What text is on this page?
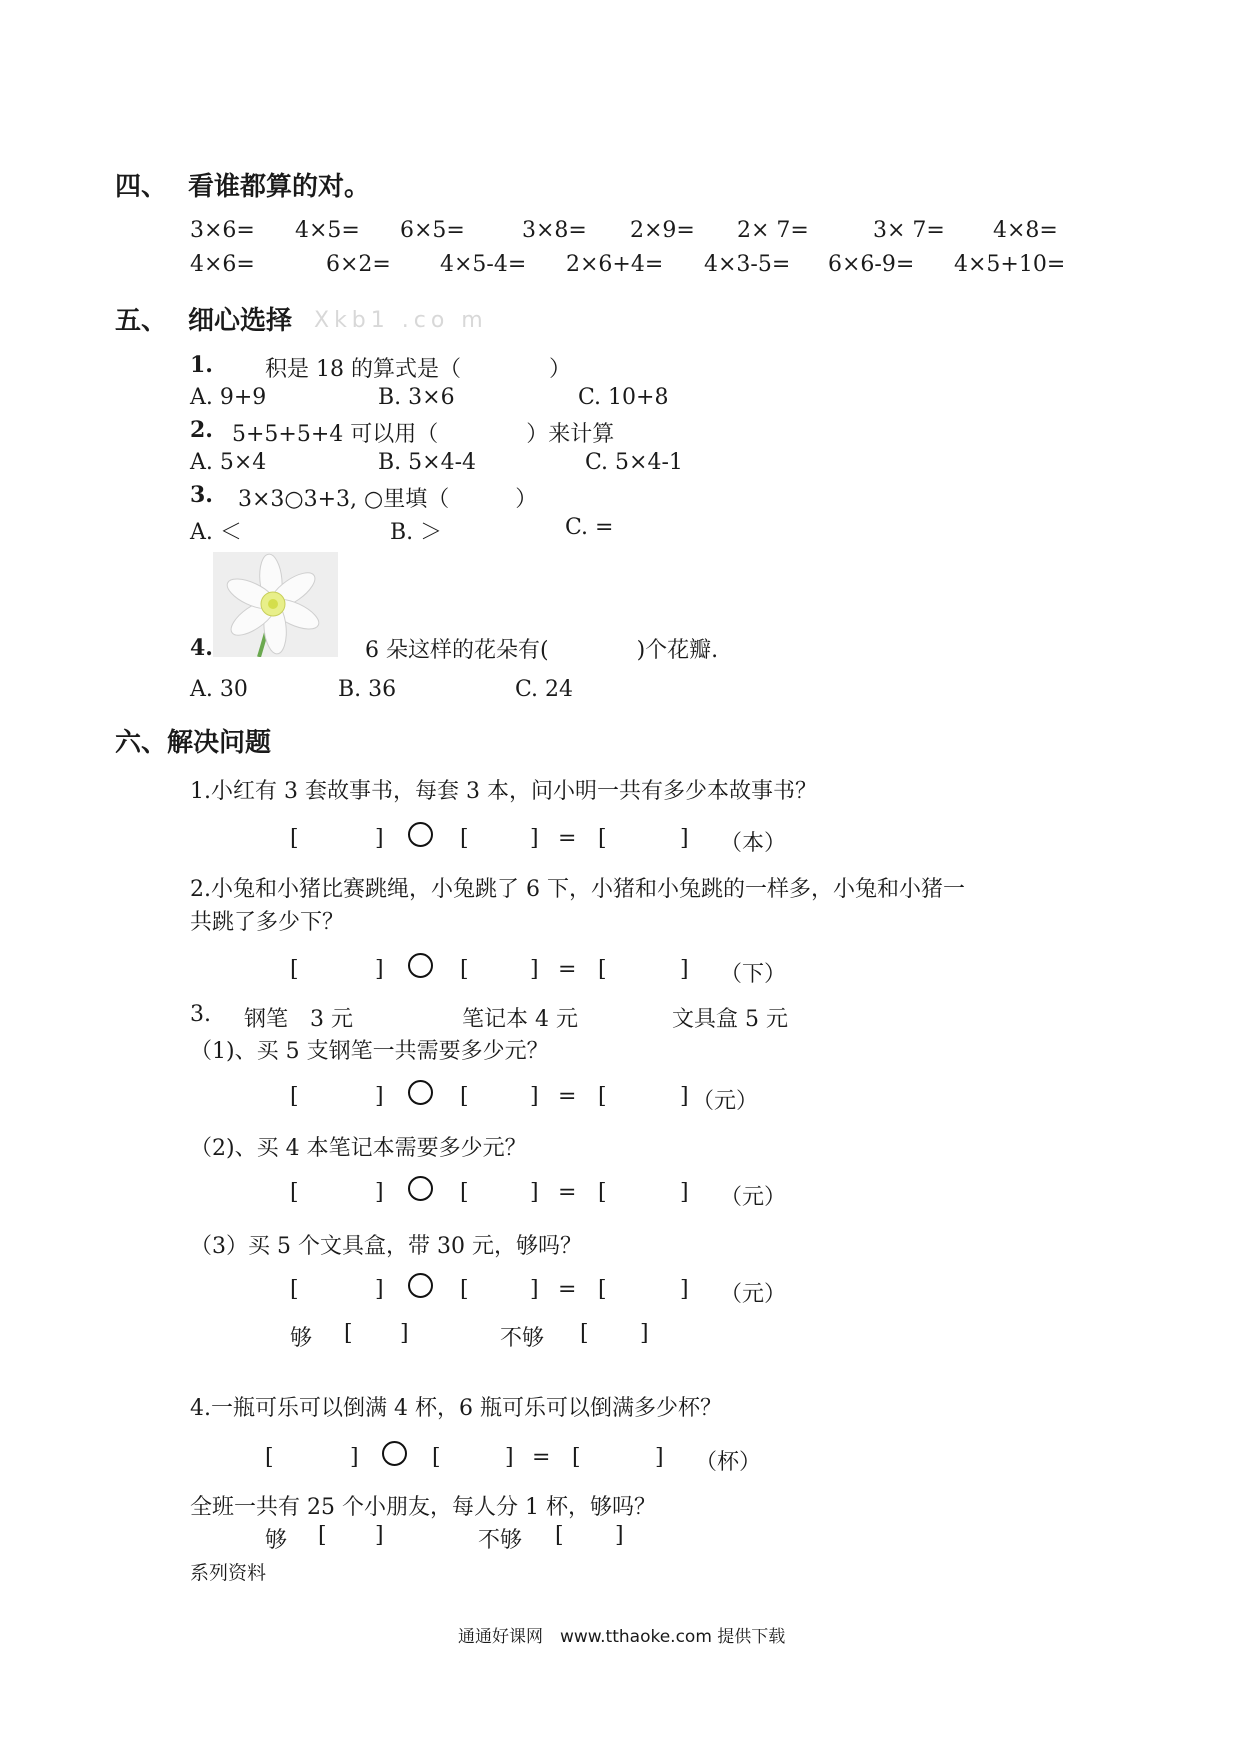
四、 看谁都算的对。
3×6= 4×5= 6×5=	3×8= 2×9= 2× 7=	3× 7= 4×8=
4×6=	6×2= 4×5-4= 2×6+4= 4×3-5= 6×6-9= 4×5+10=
五、 细心选择 Xkb1 .co m
1. 积是 18 的算式是（　　　　）
A. 9+9	B. 3×6	C. 10+8
2. 5+5+5+4 可以用（　　　　）来计算
A. 5×4	B. 5×4-4	C. 5×4-1
3. 3×3○3+3, ○里填（　　　）
A. ＜	B. ＞	C. =
4.	6 朵这样的花朵有(　　　　)个花瓣.
A. 30	B. 36	C. 24
六、解决问题
1.小红有 3 套故事书，每套 3 本，问小明一共有多少本故事书？
[	]	[	] = [	] （本）
2.小兔和小猪比赛跳绳，小兔跳了 6 下，小猪和小兔跳的一样多，小兔和小猪一
共跳了多少下？
[	]	[	] = [	] （下）
3. 钢笔　3 元	笔记本 4 元	文具盒 5 元
（1)、买 5 支钢笔一共需要多少元？
[	]	[	] = [	] （元）
（2)、买 4 本笔记本需要多少元？
[	]	[	] = [	] （元）
（3）买 5 个文具盒，带 30 元，够吗？
[	]	[	] = [	] （元）
够 [ ]	不够 [ ]
4.一瓶可乐可以倒满 4 杯，6 瓶可乐可以倒满多少杯？
[	]	[	] = [	] （杯）
全班一共有 25 个小朋友，每人分 1 杯，够吗？
够 [ ]	不够 [ ]
系列资料
通通好课网　www.tthaoke.com 提供下载
